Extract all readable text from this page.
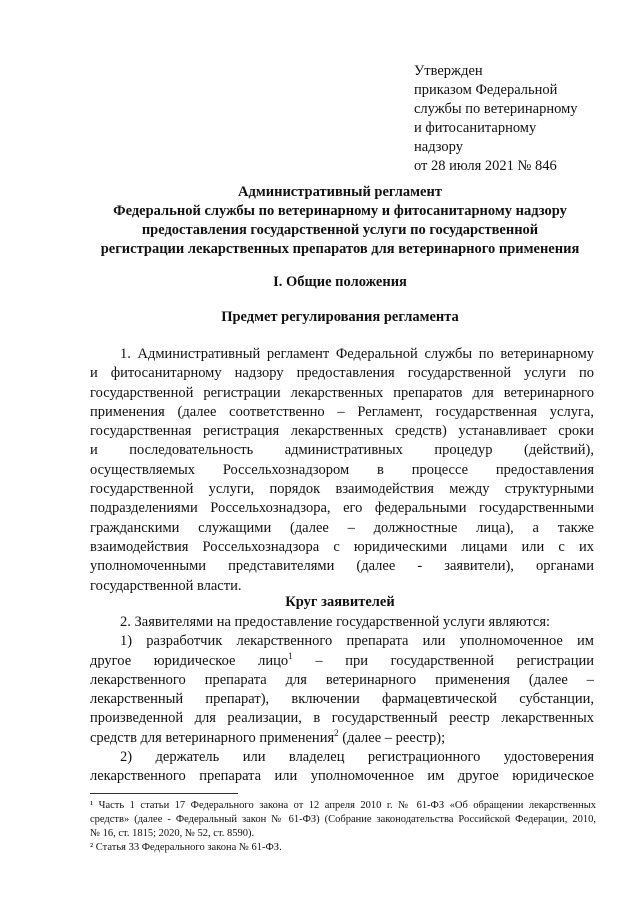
Утвержден
приказом Федеральной
службы по ветеринарному
и фитосанитарному
надзору
от 28 июля 2021 № 846
Административный регламент
Федеральной службы по ветеринарному и фитосанитарному надзору
предоставления государственной услуги по государственной
регистрации лекарственных препаратов для ветеринарного применения
I. Общие положения
Предмет регулирования регламента
1. Административный регламент Федеральной службы по ветеринарному
и фитосанитарному надзору предоставления государственной услуги по
государственной регистрации лекарственных препаратов для ветеринарного
применения (далее соответственно – Регламент, государственная услуга,
государственная регистрация лекарственных средств) устанавливает сроки
и последовательность административных процедур (действий),
осуществляемых Россельхознадзором в процессе предоставления
государственной услуги, порядок взаимодействия между структурными
подразделениями Россельхознадзора, его федеральными государственными
гражданскими служащими (далее – должностные лица), а также
взаимодействия Россельхознадзора с юридическими лицами или с их
уполномоченными представителями (далее - заявители), органами
государственной власти.
Круг заявителей
2. Заявителями на предоставление государственной услуги являются:
1) разработчик лекарственного препарата или уполномоченное им
другое юридическое лицо$^1$ – при государственной регистрации
лекарственного препарата для ветеринарного применения (далее –
лекарственный препарат), включении фармацевтической субстанции,
произведенной для реализации, в государственный реестр лекарственных
средств для ветеринарного применения$^2$ (далее – реестр);
2) держатель или владелец регистрационного удостоверения
лекарственного препарата или уполномоченное им другое юридическое
¹ Часть 1 статьи 17 Федерального закона от 12 апреля 2010 г. № 61-ФЗ «Об обращении лекарственных
средств» (далее - Федеральный закон № 61-ФЗ) (Собрание законодательства Российской Федерации, 2010,
№ 16, ст. 1815; 2020, № 52, ст. 8590).
² Статья 33 Федерального закона № 61-ФЗ.
